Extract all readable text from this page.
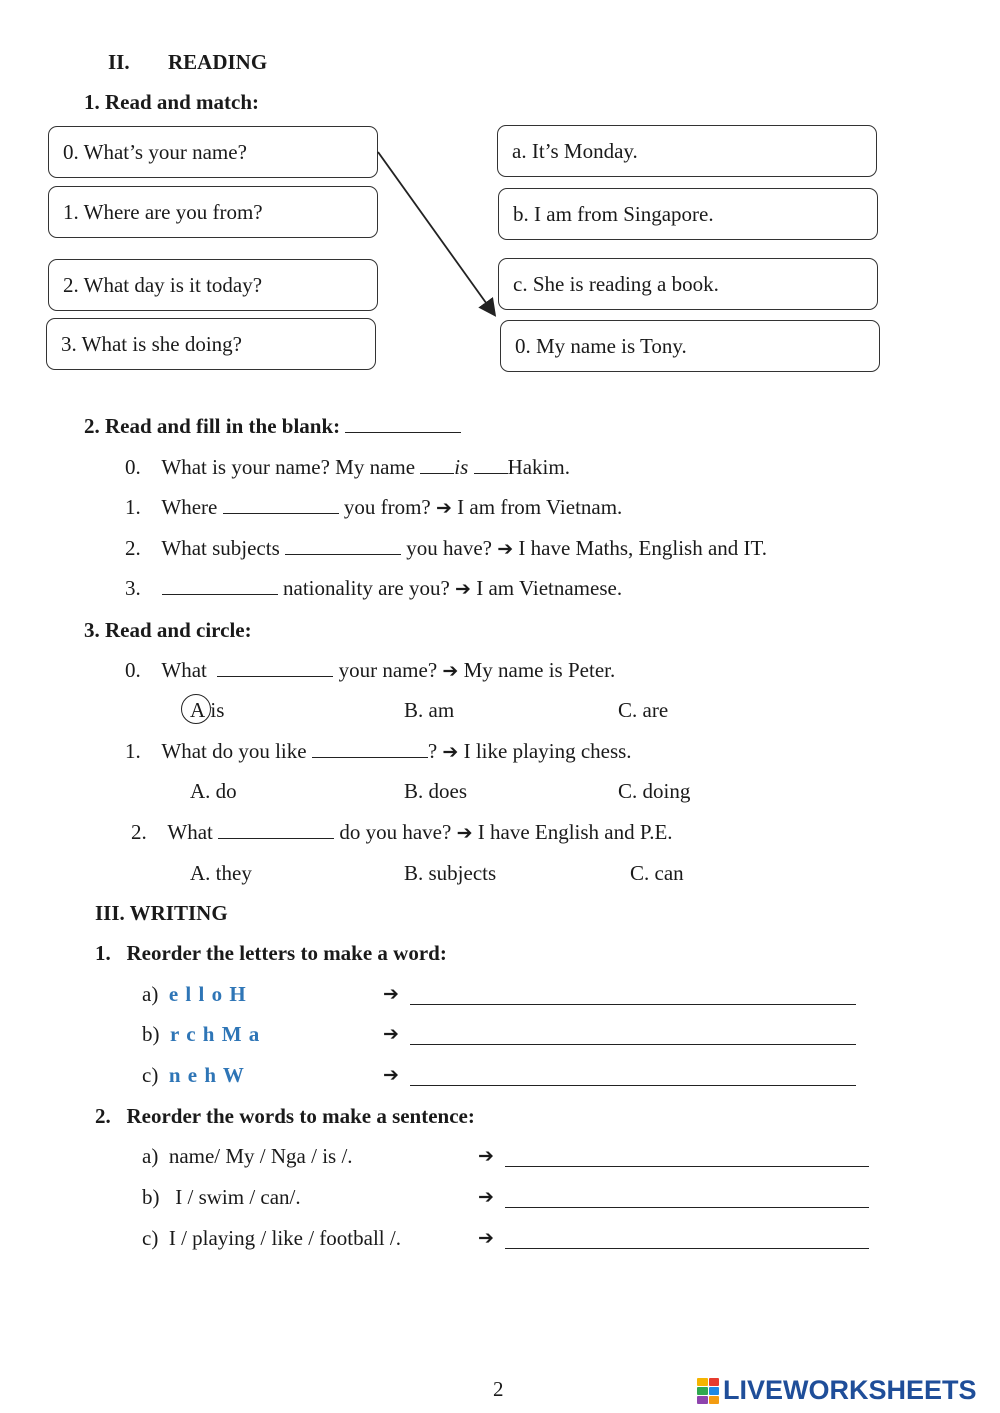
II. READING
1. Read and match:
0. What’s your name?
1. Where are you from?
2. What day is it today?
3. What is she doing?
a. It’s Monday.
b. I am from Singapore.
c. She is reading a book.
0. My name is Tony.
2. Read and fill in the blank:
0. What is your name? My name is Hakim.
1. Where	you from? ➔ I am from Vietnam.
2. What subjects	you have? ➔ I have Maths, English and IT.
3.	nationality are you? ➔ I am Vietnamese.
3. Read and circle:
0. What	your name? ➔ My name is Peter.
A is	B. am	C. are
1. What do you like	? ➔ I like playing chess.
A. do	B. does	C. doing
2. What	do you have? ➔ I have English and P.E.
A. they	B. subjects	C. can
III. WRITING
1. Reorder the letters to make a word:
a) e l l o H	➔
b) r c h M a	➔
c) n e h W	➔
2. Reorder the words to make a sentence:
a) name/ My / Nga / is /.	➔
b) I / swim / can/.	➔
c) I / playing / like / football /.	➔
2	LIVEWORKSHEETS
